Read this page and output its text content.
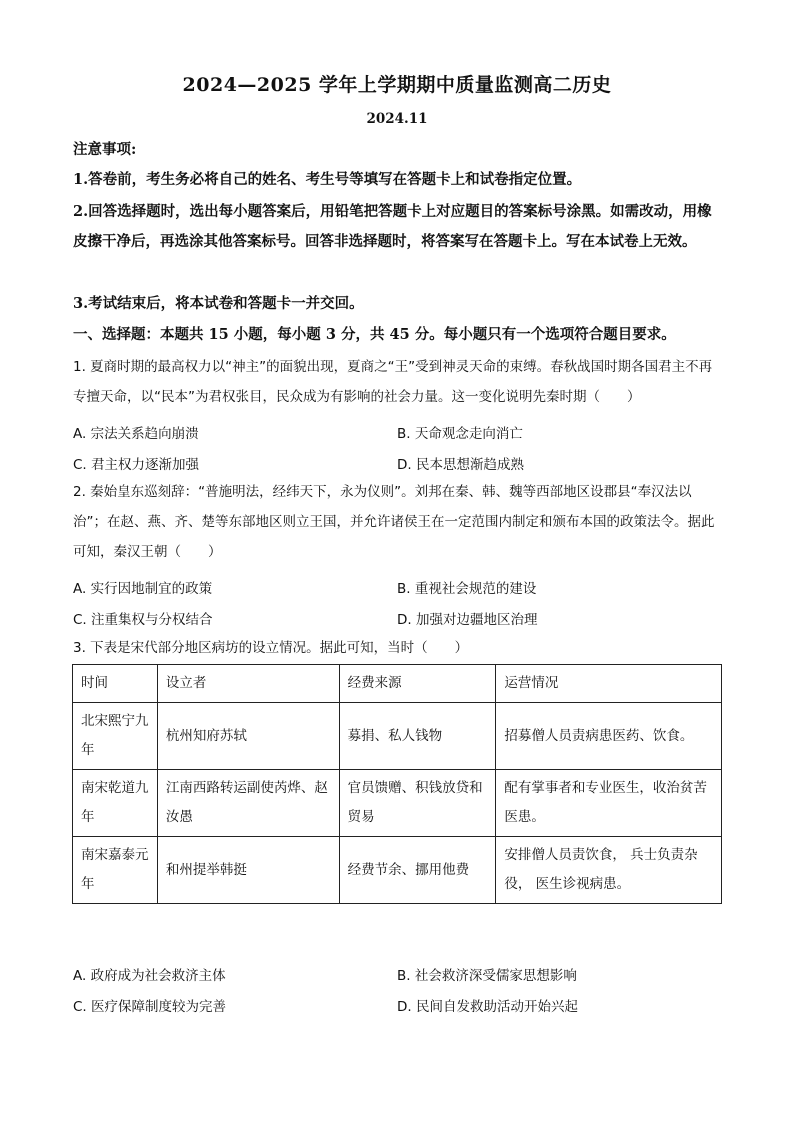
2024—2025 学年上学期期中质量监测高二历史
2024.11
注意事项:
1.答卷前，考生务必将自己的姓名、考生号等填写在答题卡上和试卷指定位置。
2.回答选择题时，选出每小题答案后，用铅笔把答题卡上对应题目的答案标号涂黑。如需改动，用橡皮擦干净后，再选涂其他答案标号。回答非选择题时，将答案写在答题卡上。写在本试卷上无效。
3.考试结束后，将本试卷和答题卡一并交回。
一、选择题：本题共 15 小题，每小题 3 分，共 45 分。每小题只有一个选项符合题目要求。
1. 夏商时期的最高权力以“神主”的面貌出现，夏商之“王”受到神灵天命的束缚。春秋战国时期各国君主不再专擅天命，以“民本”为君权张目，民众成为有影响的社会力量。这一变化说明先秦时期（　　）
A. 宗法关系趋向崩溃	B. 天命观念走向消亡
C. 君主权力逐渐加强	D. 民本思想渐趋成熟
2. 秦始皇东巡刻辞：“普施明法，经纬天下，永为仪则”。刘邦在秦、韩、魏等西部地区设郡县“奉汉法以治”；在赵、燕、齐、楚等东部地区则立王国，并允许诸侯王在一定范围内制定和颁布本国的政策法令。据此可知，秦汉王朝（　　）
A. 实行因地制宜的政策	B. 重视社会规范的建设
C. 注重集权与分权结合	D. 加强对边疆地区治理
3. 下表是宋代部分地区病坊的设立情况。据此可知，当时（　　）
时间	设立者	经费来源	运营情况
北宋熙宁九年	杭州知府苏轼	募捐、私人钱物	招募僧人员责病患医药、饮食。
南宋乾道九年	江南西路转运副使芮烨、赵汝愚	官员馈赠、积钱放贷和贸易	配有掌事者和专业医生，收治贫苦医患。
南宋嘉泰元年	和州提举韩挺	经费节余、挪用他费	安排僧人员责饮食， 兵士负责杂役， 医生诊视病患。
A. 政府成为社会救济主体	B. 社会救济深受儒家思想影响
C. 医疗保障制度较为完善	D. 民间自发救助活动开始兴起
